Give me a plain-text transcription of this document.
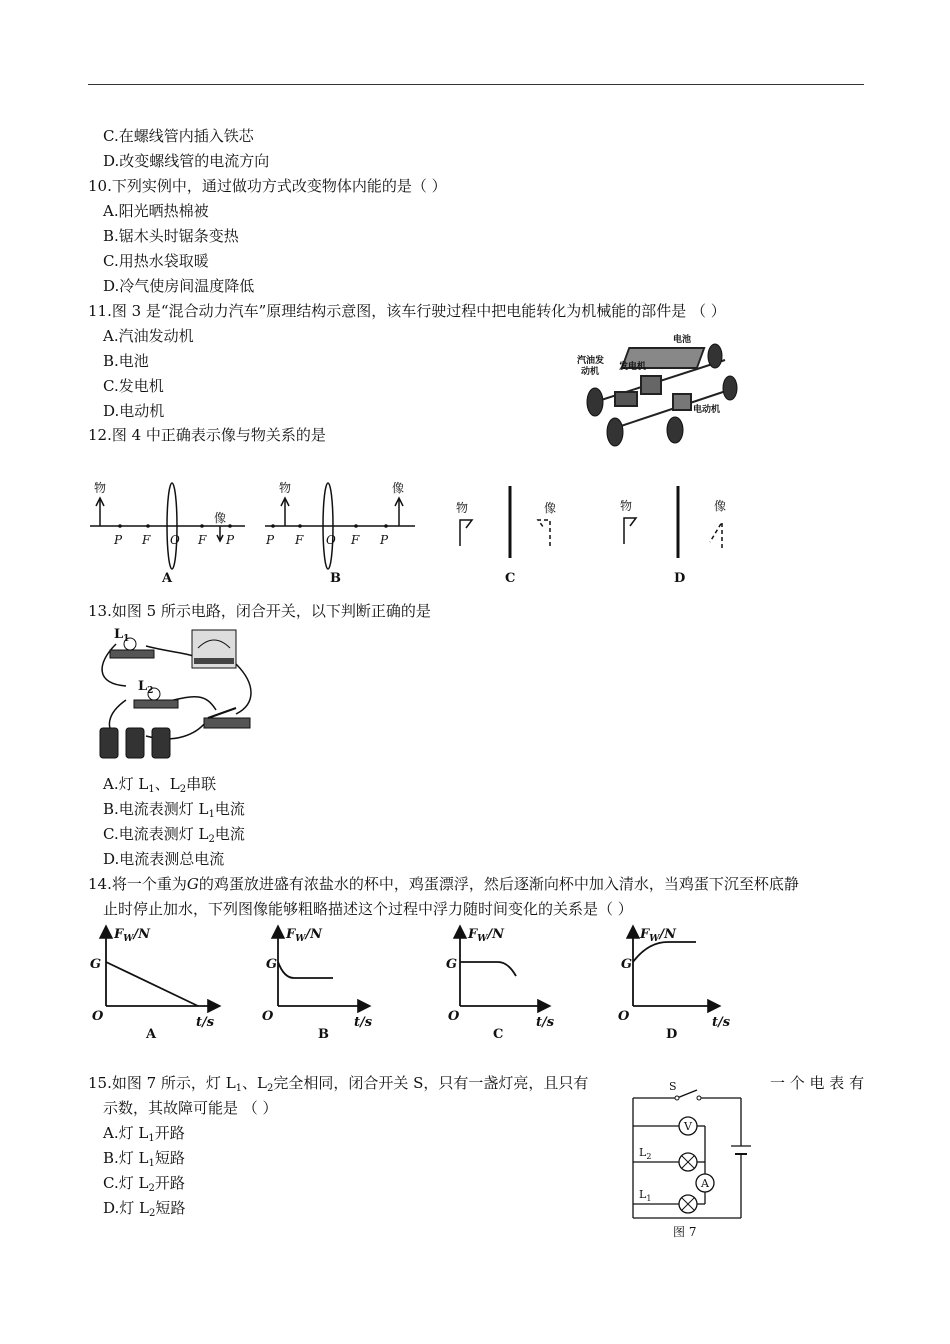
C.在螺线管内插入铁芯
D.改变螺线管的电流方向
10.下列实例中，通过做功方式改变物体内能的是（ ）
A.阳光晒热棉被
B.锯木头时锯条变热
C.用热水袋取暖
D.冷气使房间温度降低
11.图 3 是“混合动力汽车”原理结构示意图，该车行驶过程中把电能转化为机械能的部件是 （ ）
A.汽油发动机
B.电池
C.发电机
D.电动机
电池
汽油发
动机 发电机
电动机
12.图 4 中正确表示像与物关系的是
物
像
P F O F P
A
物	像
P F O F P
B
物	像
C
物	像
D
13.如图 5 所示电路，闭合开关，以下判断正确的是
$L_1$
$L_2$
A.灯 $L_1$、$L_2$串联
B.电流表测灯 $L_1$电流
C.电流表测灯 $L_2$电流
D.电流表测总电流
14.将一个重为G的鸡蛋放进盛有浓盐水的杯中，鸡蛋漂浮，然后逐渐向杯中加入清水，当鸡蛋下沉至杯底静
止时停止加水，下列图像能够粗略描述这个过程中浮力随时间变化的关系是（ ）
$F_W/N$
G
O	t/s
$F_W/N$
G
O	t/s
$F_W/N$
G
O	t/s
$F_W/N$
G
O	t/s
A	B	C	D
15.如图 7 所示，灯 $L_1$、$L_2$完全相同，闭合开关 S，只有一盏灯亮，且只有	一 个 电 表 有
示数，其故障可能是 （ ）
A.灯 $L_1$开路
B.灯 $L_1$短路
C.灯 $L_2$开路
D.灯 $L_2$短路
S
V
A
$L_2$
$L_1$
图 7
